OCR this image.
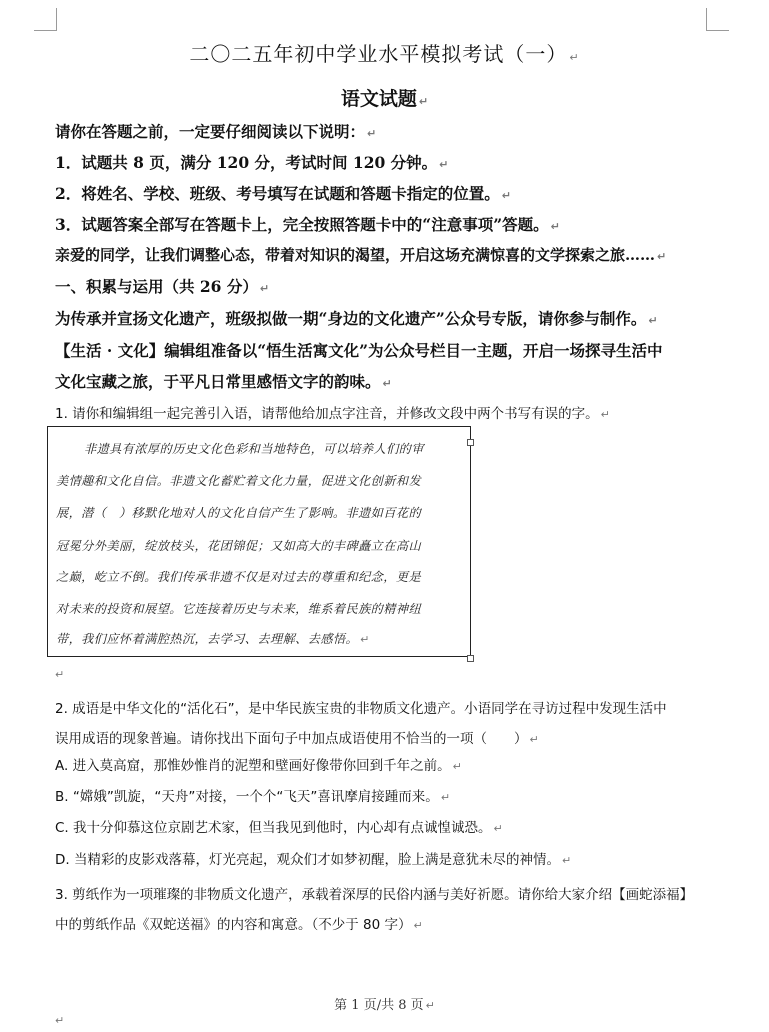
二〇二五年初中学业水平模拟考试（一） ↵
语文试题 ↵
请你在答题之前，一定要仔细阅读以下说明： ↵
1．试题共 8 页，满分 120 分，考试时间 120 分钟。 ↵
2．将姓名、学校、班级、考号填写在试题和答题卡指定的位置。 ↵
3．试题答案全部写在答题卡上，完全按照答题卡中的“注意事项”答题。 ↵
亲爱的同学，让我们调整心态，带着对知识的渴望，开启这场充满惊喜的文学探索之旅…… ↵
一、积累与运用（共 26 分） ↵
为传承并宣扬文化遗产，班级拟做一期“身边的文化遗产”公众号专版，请你参与制作。 ↵
【生活 · 文化】编辑组准备以“悟生活寓文化”为公众号栏目一主题，开启一场探寻生活中
文化宝藏之旅，于平凡日常里感悟文字的韵味。 ↵
1. 请你和编辑组一起完善引入语，请帮他给加点字注音，并修改文段中两个书写有误的字。 ↵
非遗具有浓厚的历史文化色彩和当地特色，可以培养人们的审
美情趣和文化自信。非遗文化蓄贮着文化力量，促进文化创新和发
展，潜（　）移默化地对人的文化自信产生了影响。非遗如百花的
冠冕分外美丽，绽放枝头，花团锦促；又如高大的丰碑矗立在高山
之巅，屹立不倒。我们传承非遗不仅是对过去的尊重和纪念，更是
对未来的投资和展望。它连接着历史与未来，维系着民族的精神纽
带，我们应怀着满腔热沉，去学习、去理解、去感悟。 ↵
↵
2. 成语是中华文化的“活化石”，是中华民族宝贵的非物质文化遗产。小语同学在寻访过程中发现生活中
误用成语的现象普遍。请你找出下面句子中加点成语使用不恰当的一项（　　） ↵
A. 进入莫高窟，那惟妙惟肖的泥塑和壁画好像带你回到千年之前。 ↵
B. “嫦娥”凯旋，“天舟”对接，一个个“飞天”喜讯摩肩接踵而来。 ↵
C. 我十分仰慕这位京剧艺术家，但当我见到他时，内心却有点诚惶诚恐。 ↵
D. 当精彩的皮影戏落幕，灯光亮起，观众们才如梦初醒，脸上满是意犹未尽的神情。 ↵
3. 剪纸作为一项璀璨的非物质文化遗产，承载着深厚的民俗内涵与美好祈愿。请你给大家介绍【画蛇添福】
中的剪纸作品《双蛇送福》的内容和寓意。（不少于 80 字） ↵
第 1 页/共 8 页 ↵
↵
